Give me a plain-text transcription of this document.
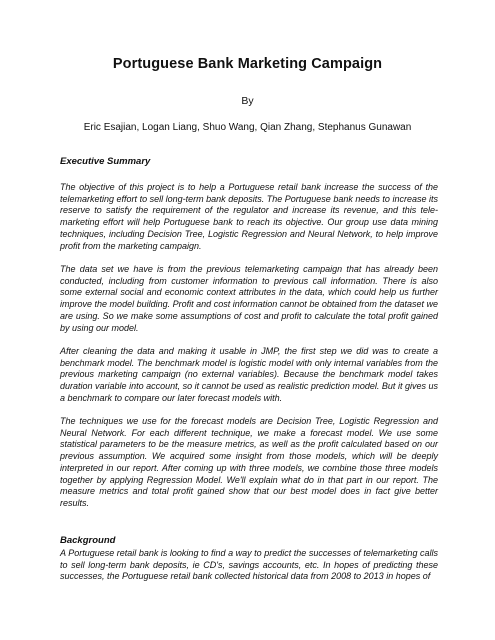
Portuguese Bank Marketing Campaign
By
Eric Esajian, Logan Liang, Shuo Wang, Qian Zhang, Stephanus Gunawan
Executive Summary

The objective of this project is to help a Portuguese retail bank increase the success of the telemarketing effort to sell long-term bank deposits. The Portuguese bank needs to increase its reserve to satisfy the requirement of the regulator and increase its revenue, and this tele-marketing effort will help Portuguese bank to reach its objective. Our group use data mining techniques, including Decision Tree, Logistic Regression and Neural Network, to help improve profit from the marketing campaign.

The data set we have is from the previous telemarketing campaign that has already been conducted, including from customer information to previous call information. There is also some external social and economic context attributes in the data, which could help us further improve the model building. Profit and cost information cannot be obtained from the dataset we are using. So we make some assumptions of cost and profit to calculate the total profit gained by using our model.

After cleaning the data and making it usable in JMP, the first step we did was to create a benchmark model. The benchmark model is logistic model with only internal variables from the previous marketing campaign (no external variables). Because the benchmark model takes duration variable into account, so it cannot be used as realistic prediction model. But it gives us a benchmark to compare our later forecast models with.

The techniques we use for the forecast models are Decision Tree, Logistic Regression and Neural Network. For each different technique, we make a forecast model. We use some statistical parameters to be the measure metrics, as well as the profit calculated based on our previous assumption. We acquired some insight from those models, which will be deeply interpreted in our report. After coming up with three models, we combine those three models together by applying Regression Model. We'll explain what do in that part in our report. The measure metrics and total profit gained show that our best model does in fact give better results.

Background

A Portuguese retail bank is looking to find a way to predict the successes of telemarketing calls to sell long-term bank deposits, ie CD's, savings accounts, etc. In hopes of predicting these successes, the Portuguese retail bank collected historical data from 2008 to 2013 in hopes of
